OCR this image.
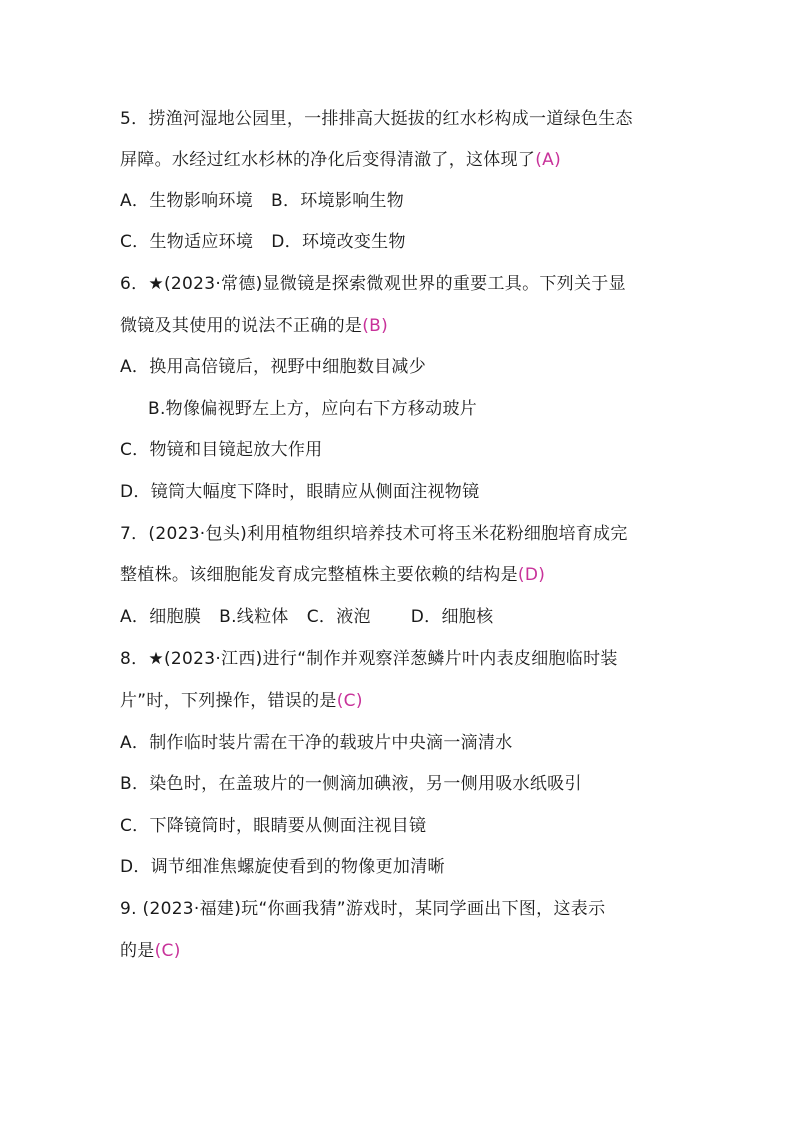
5．捞渔河湿地公园里，一排排高大挺拔的红水杉构成一道绿色生态
屏障。水经过红水杉林的净化后变得清澈了，这体现了(A)
A．生物影响环境 B．环境影响生物
C．生物适应环境 D．环境改变生物
6．★(2023·常德)显微镜是探索微观世界的重要工具。下列关于显
微镜及其使用的说法不正确的是(B)
A．换用高倍镜后，视野中细胞数目减少
B.物像偏视野左上方，应向右下方移动玻片
C．物镜和目镜起放大作用
D．镜筒大幅度下降时，眼睛应从侧面注视物镜
7．(2023·包头)利用植物组织培养技术可将玉米花粉细胞培育成完
整植株。该细胞能发育成完整植株主要依赖的结构是(D)
A．细胞膜 B.线粒体 C．液泡 D．细胞核
8．★(2023·江西)进行“制作并观察洋葱鳞片叶内表皮细胞临时装
片”时，下列操作，错误的是(C)
A．制作临时装片需在干净的载玻片中央滴一滴清水
B．染色时，在盖玻片的一侧滴加碘液，另一侧用吸水纸吸引
C．下降镜筒时，眼睛要从侧面注视目镜
D．调节细准焦螺旋使看到的物像更加清晰
9. (2023·福建)玩“你画我猜”游戏时，某同学画出下图，这表示
的是(C)
